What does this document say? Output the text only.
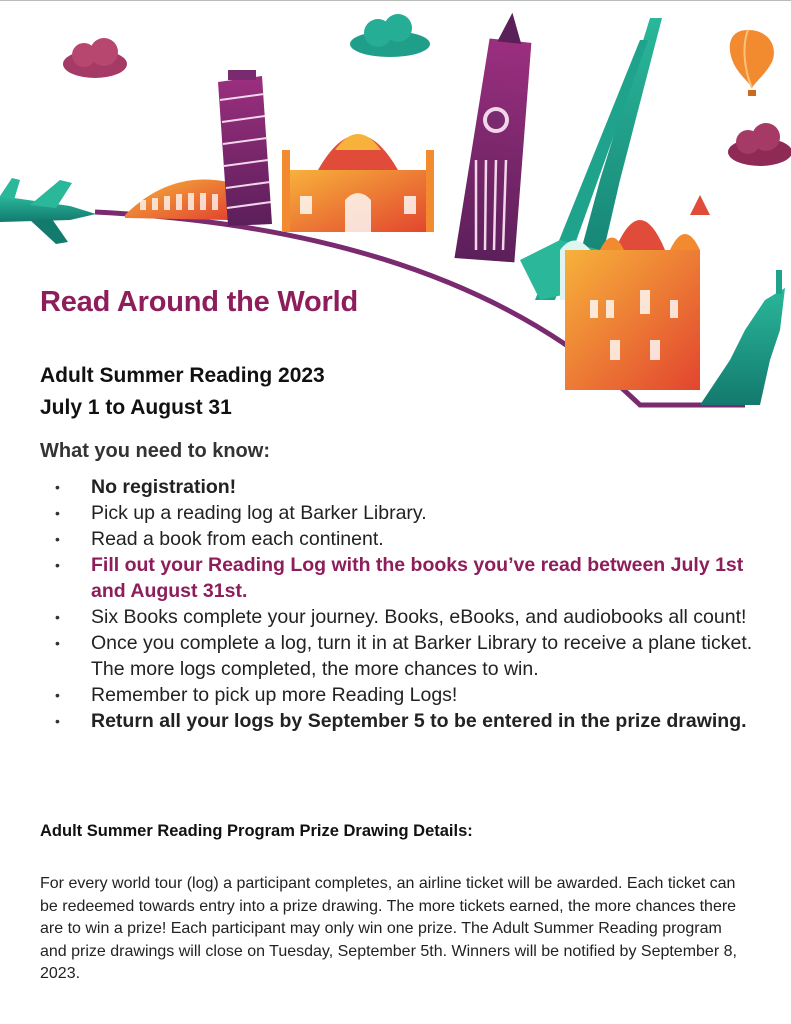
Read Around the World
Adult Summer Reading 2023
July 1 to August 31
What you need to know:
• No registration!
• Pick up a reading log at Barker Library.
• Read a book from each continent.
• Fill out your Reading Log with the books you’ve read between July 1st and August 31st.
• Six Books complete your journey. Books, eBooks, and audiobooks all count!
• Once you complete a log, turn it in at Barker Library to receive a plane ticket. The more logs completed, the more chances to win.
• Remember to pick up more Reading Logs!
• Return all your logs by September 5 to be entered in the prize drawing.
Adult Summer Reading Program Prize Drawing Details:

For every world tour (log) a participant completes, an airline ticket will be awarded. Each ticket can be redeemed towards entry into a prize drawing. The more tickets earned, the more chances there are to win a prize! Each participant may only win one prize. The Adult Summer Reading program and prize drawings will close on Tuesday, September 5th. Winners will be notified by September 8, 2023.
